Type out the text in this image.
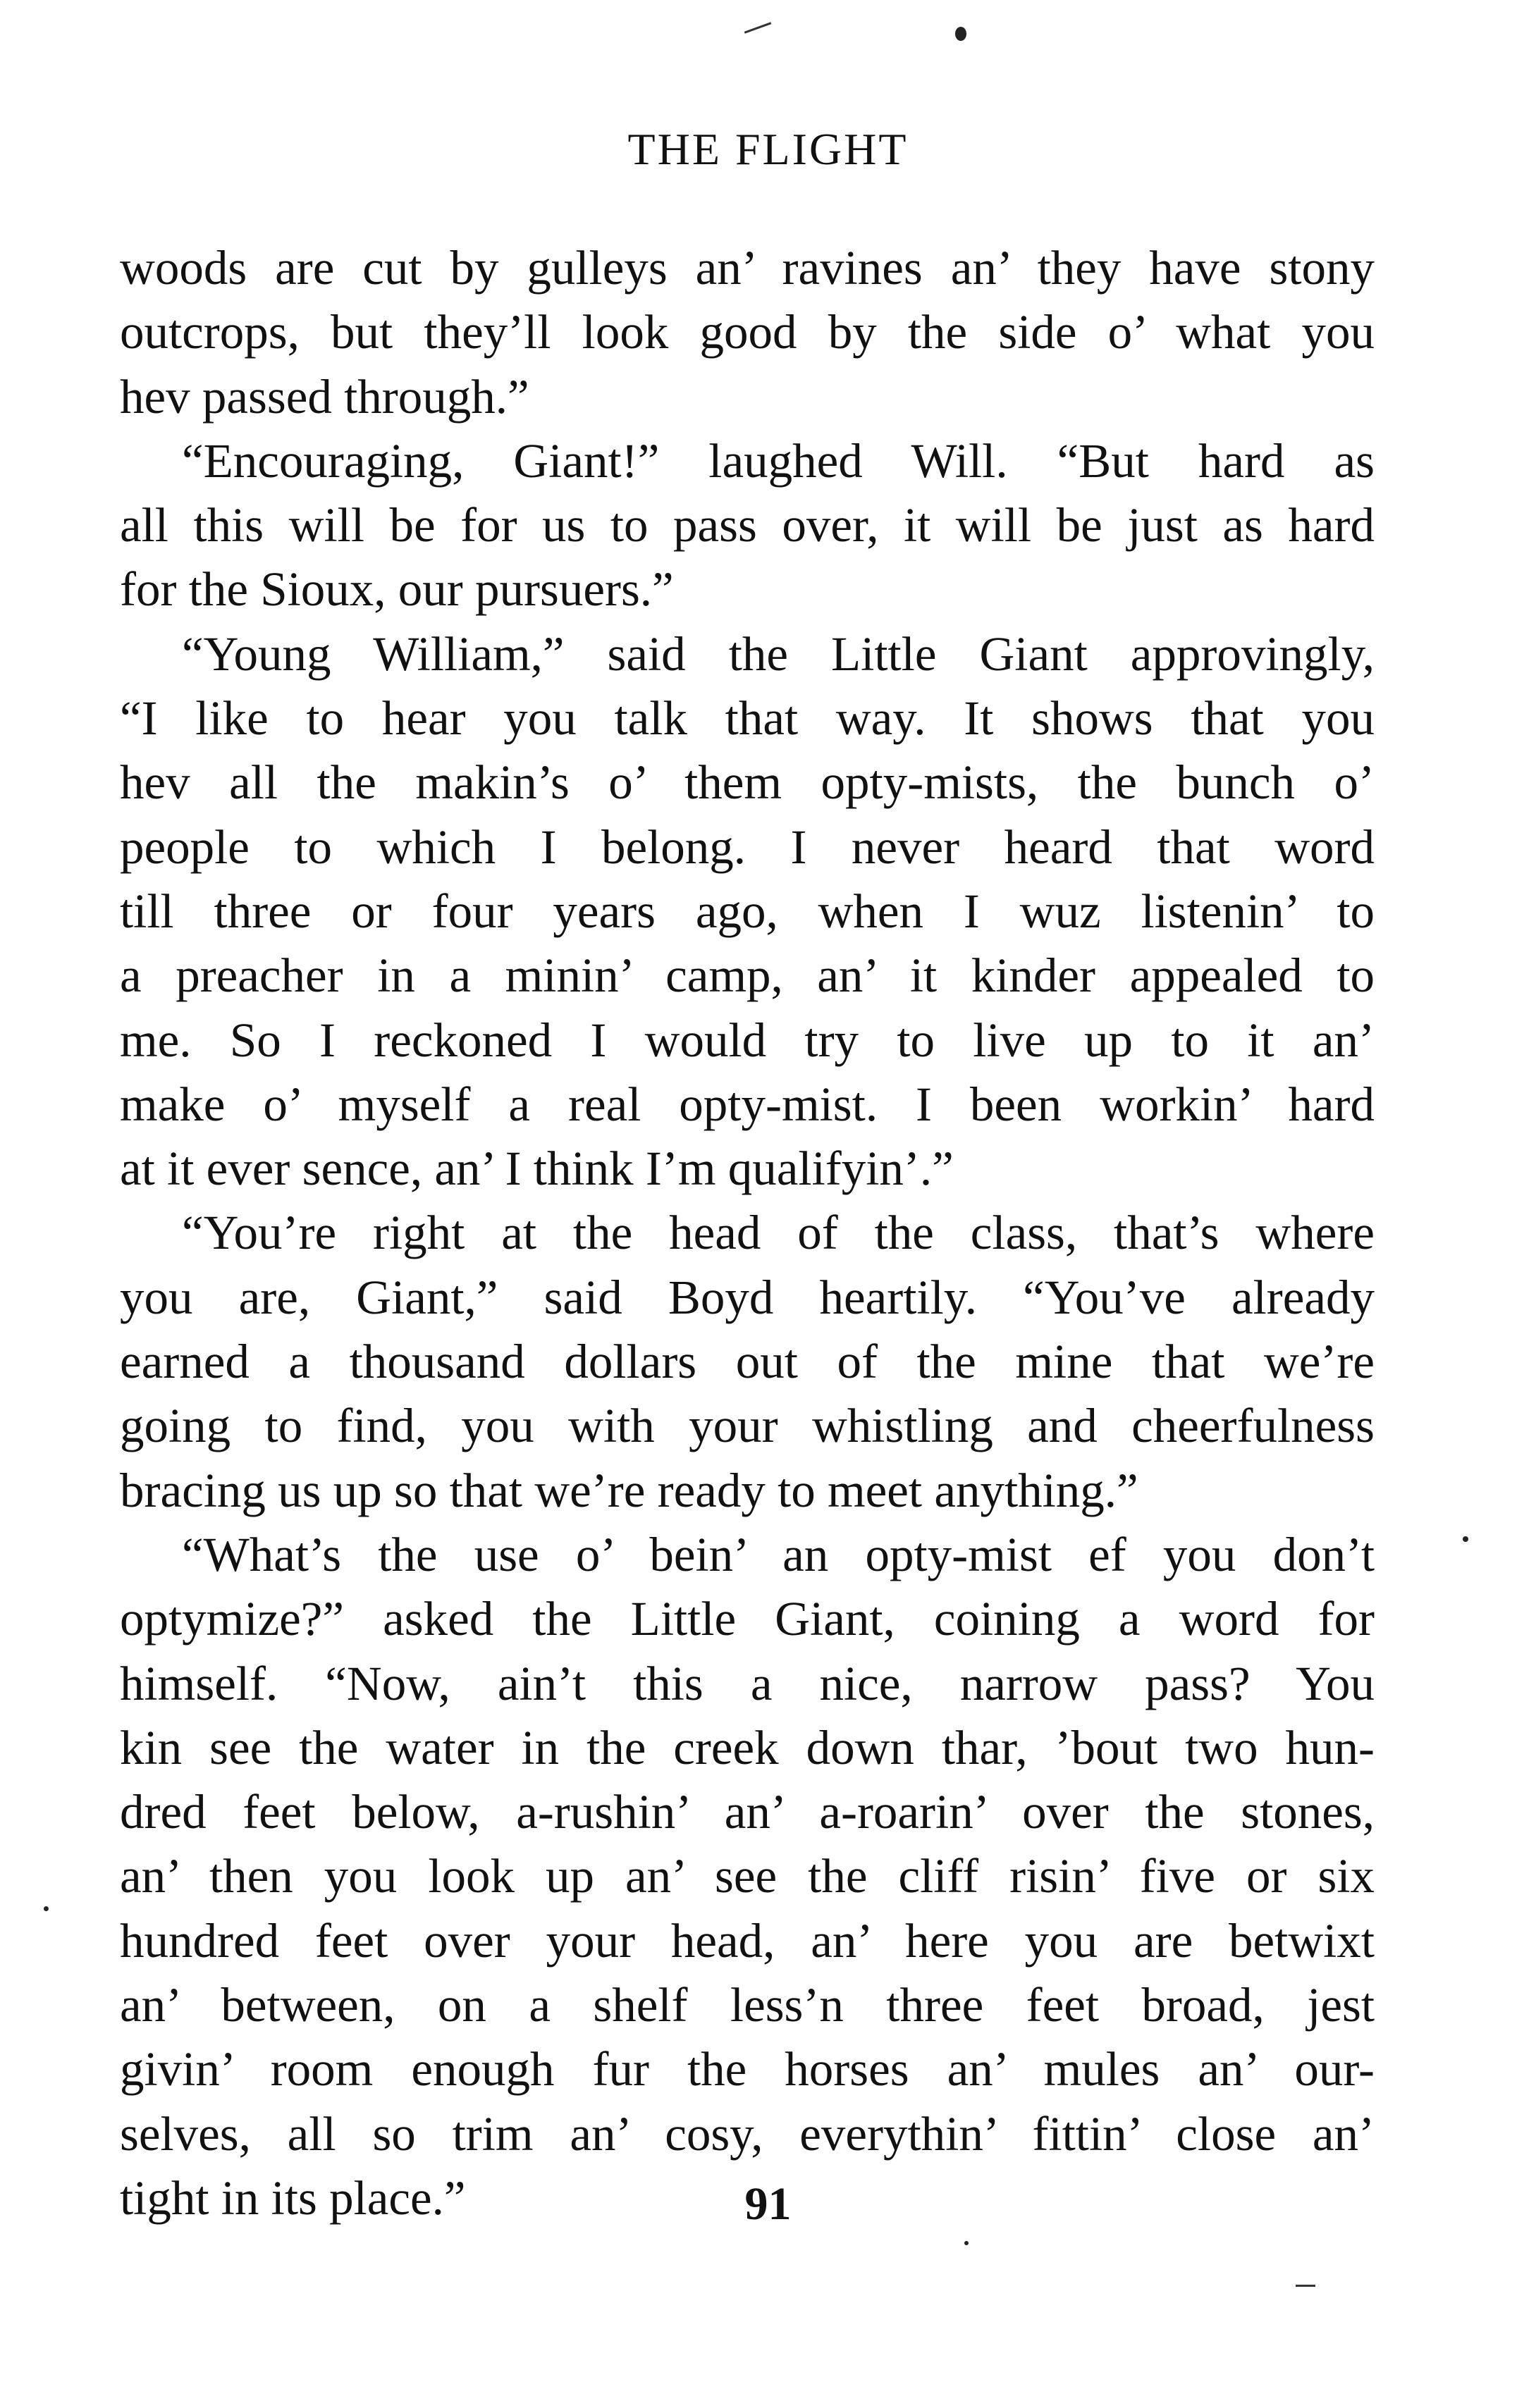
THE FLIGHT
woods are cut by gulleys an’ ravines an’ they have stony
outcrops, but they’ll look good by the side o’ what you
hev passed through.”
“Encouraging, Giant!” laughed Will. “But hard as
all this will be for us to pass over, it will be just as hard
for the Sioux, our pursuers.”
“Young William,” said the Little Giant approvingly,
“I like to hear you talk that way. It shows that you
hev all the makin’s o’ them opty-mists, the bunch o’
people to which I belong. I never heard that word
till three or four years ago, when I wuz listenin’ to
a preacher in a minin’ camp, an’ it kinder appealed to
me. So I reckoned I would try to live up to it an’
make o’ myself a real opty-mist. I been workin’ hard
at it ever sence, an’ I think I’m qualifyin’.”
“You’re right at the head of the class, that’s where
you are, Giant,” said Boyd heartily. “You’ve already
earned a thousand dollars out of the mine that we’re
going to find, you with your whistling and cheerfulness
bracing us up so that we’re ready to meet anything.”
“What’s the use o’ bein’ an opty-mist ef you don’t
optymize?” asked the Little Giant, coining a word for
himself. “Now, ain’t this a nice, narrow pass? You
kin see the water in the creek down thar, ’bout two hun-
dred feet below, a-rushin’ an’ a-roarin’ over the stones,
an’ then you look up an’ see the cliff risin’ five or six
hundred feet over your head, an’ here you are betwixt
an’ between, on a shelf less’n three feet broad, jest
givin’ room enough fur the horses an’ mules an’ our-
selves, all so trim an’ cosy, everythin’ fittin’ close an’
tight in its place.”	91
